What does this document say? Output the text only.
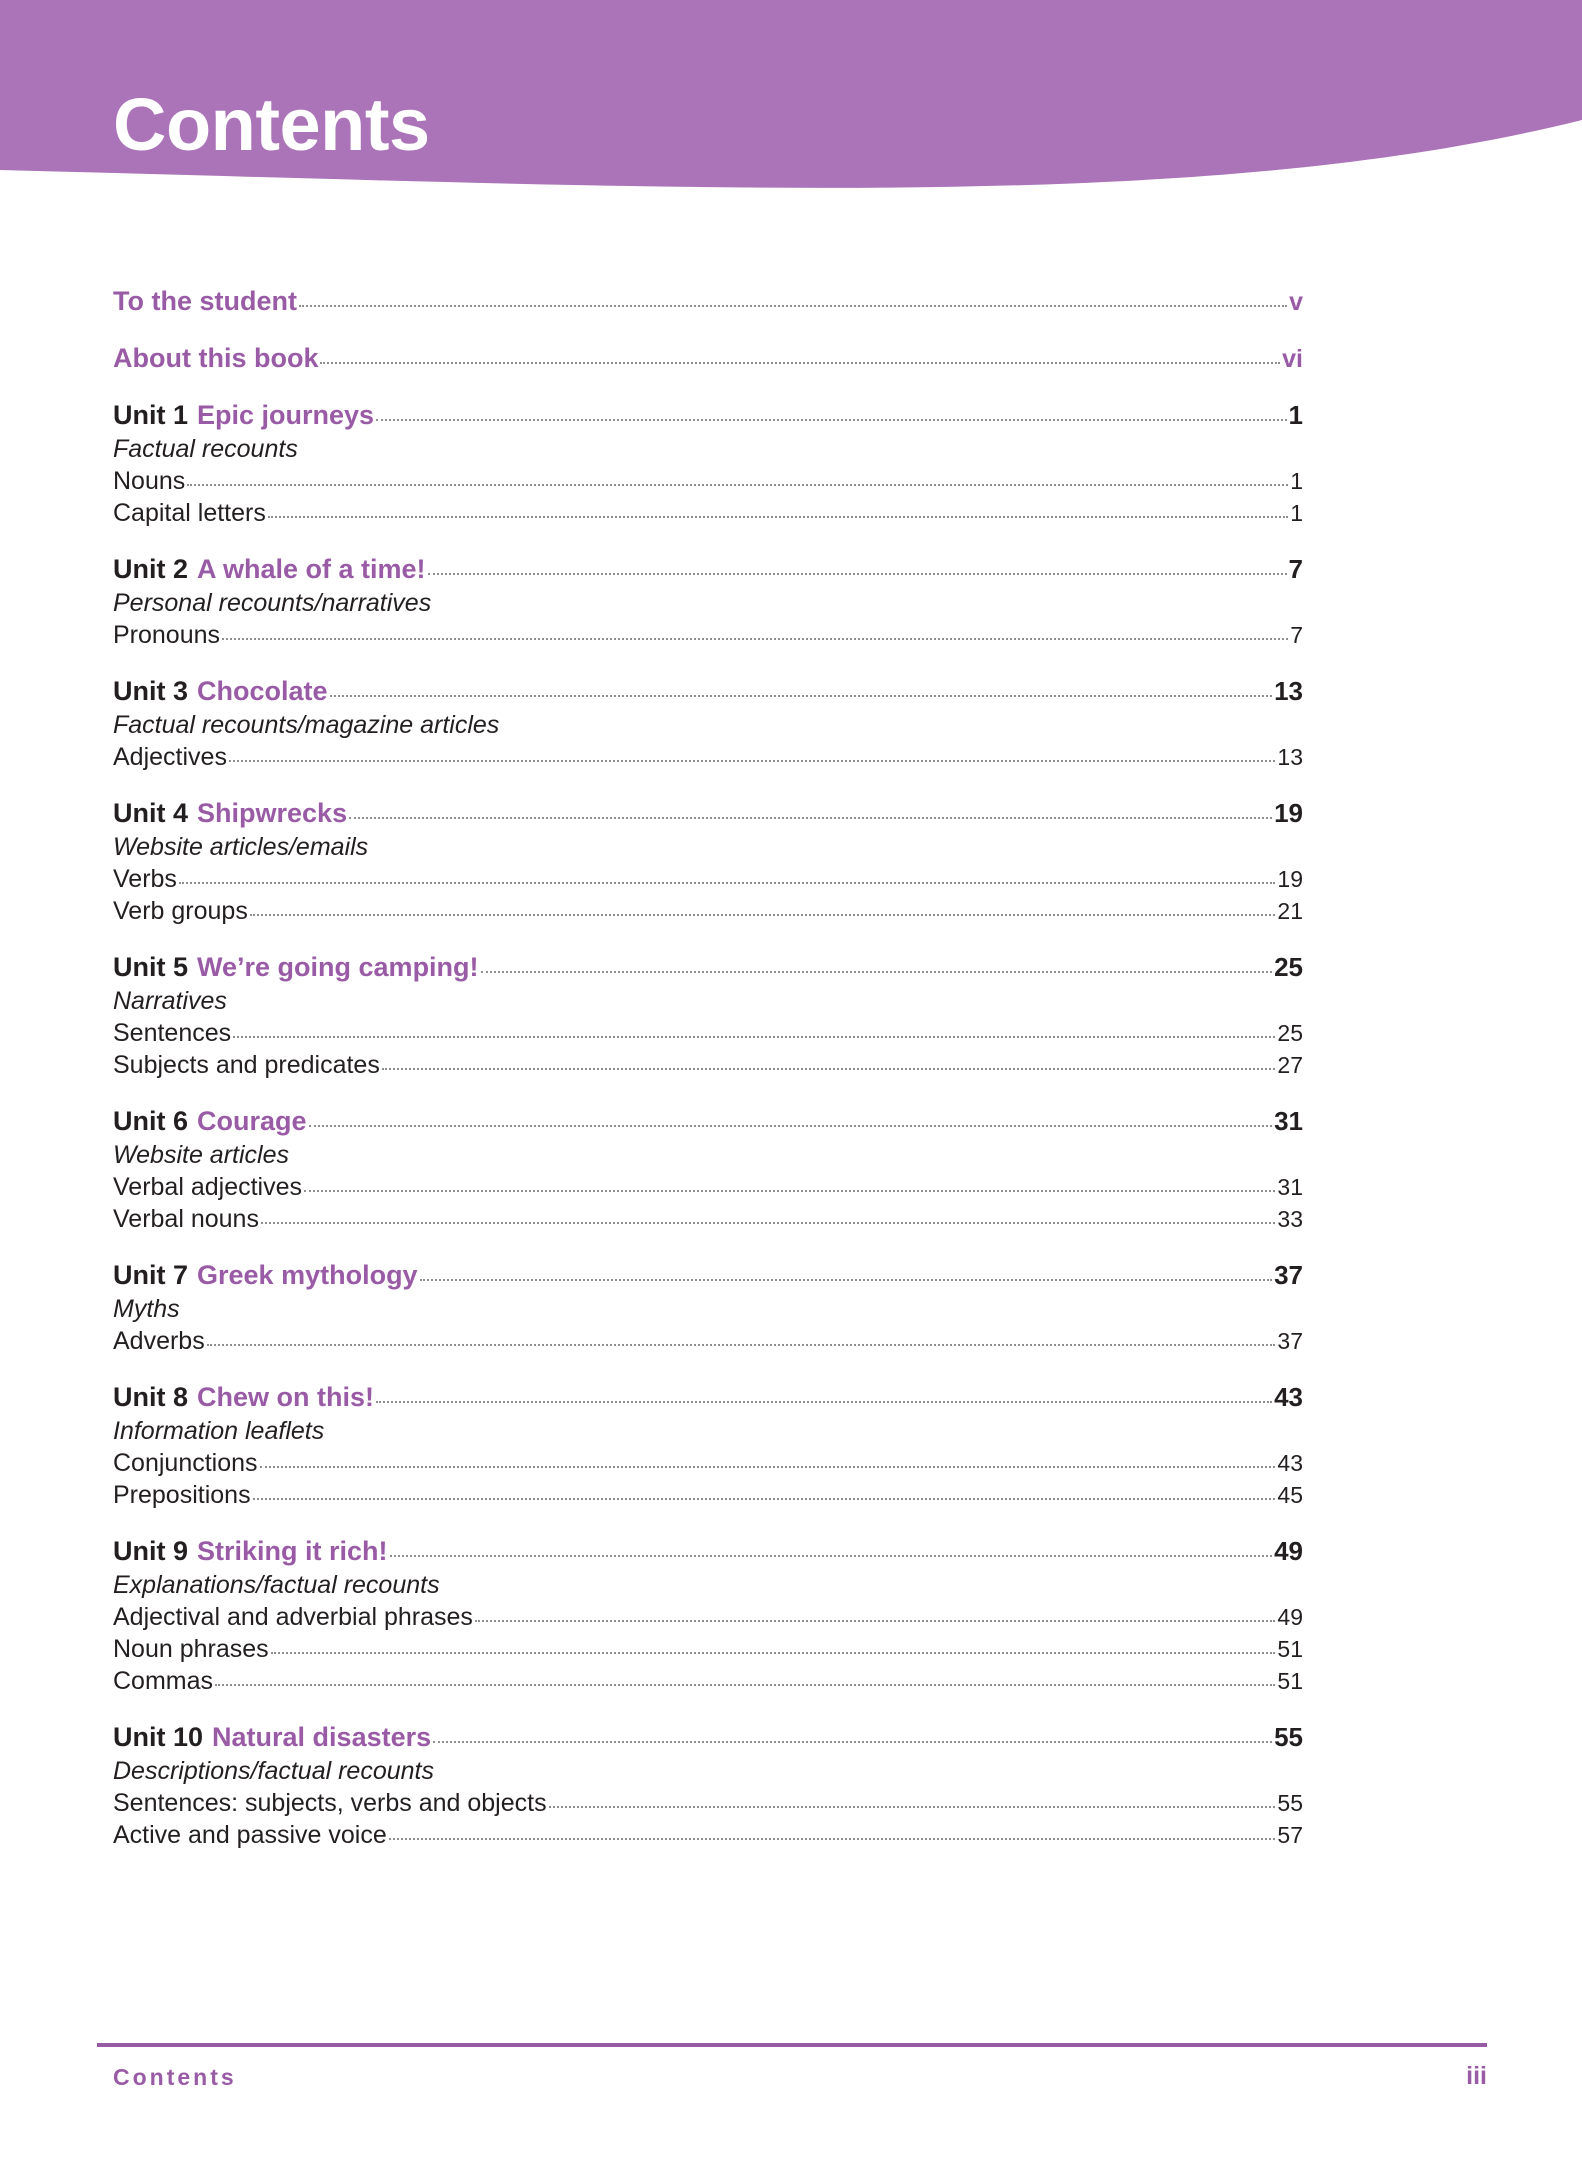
Contents
To the student	v
About this book	vi
Unit 1 Epic journeys	1
Factual recounts
Nouns	1
Capital letters	1
Unit 2 A whale of a time!	7
Personal recounts/narratives
Pronouns	7
Unit 3 Chocolate	13
Factual recounts/magazine articles
Adjectives	13
Unit 4 Shipwrecks	19
Website articles/emails
Verbs	19
Verb groups	21
Unit 5 We’re going camping!	25
Narratives
Sentences	25
Subjects and predicates	27
Unit 6 Courage	31
Website articles
Verbal adjectives	31
Verbal nouns	33
Unit 7 Greek mythology	37
Myths
Adverbs	37
Unit 8 Chew on this!	43
Information leaflets
Conjunctions	43
Prepositions	45
Unit 9 Striking it rich!	49
Explanations/factual recounts
Adjectival and adverbial phrases	49
Noun phrases	51
Commas	51
Unit 10 Natural disasters	55
Descriptions/factual recounts
Sentences: subjects, verbs and objects	55
Active and passive voice	57
Contents	iii
